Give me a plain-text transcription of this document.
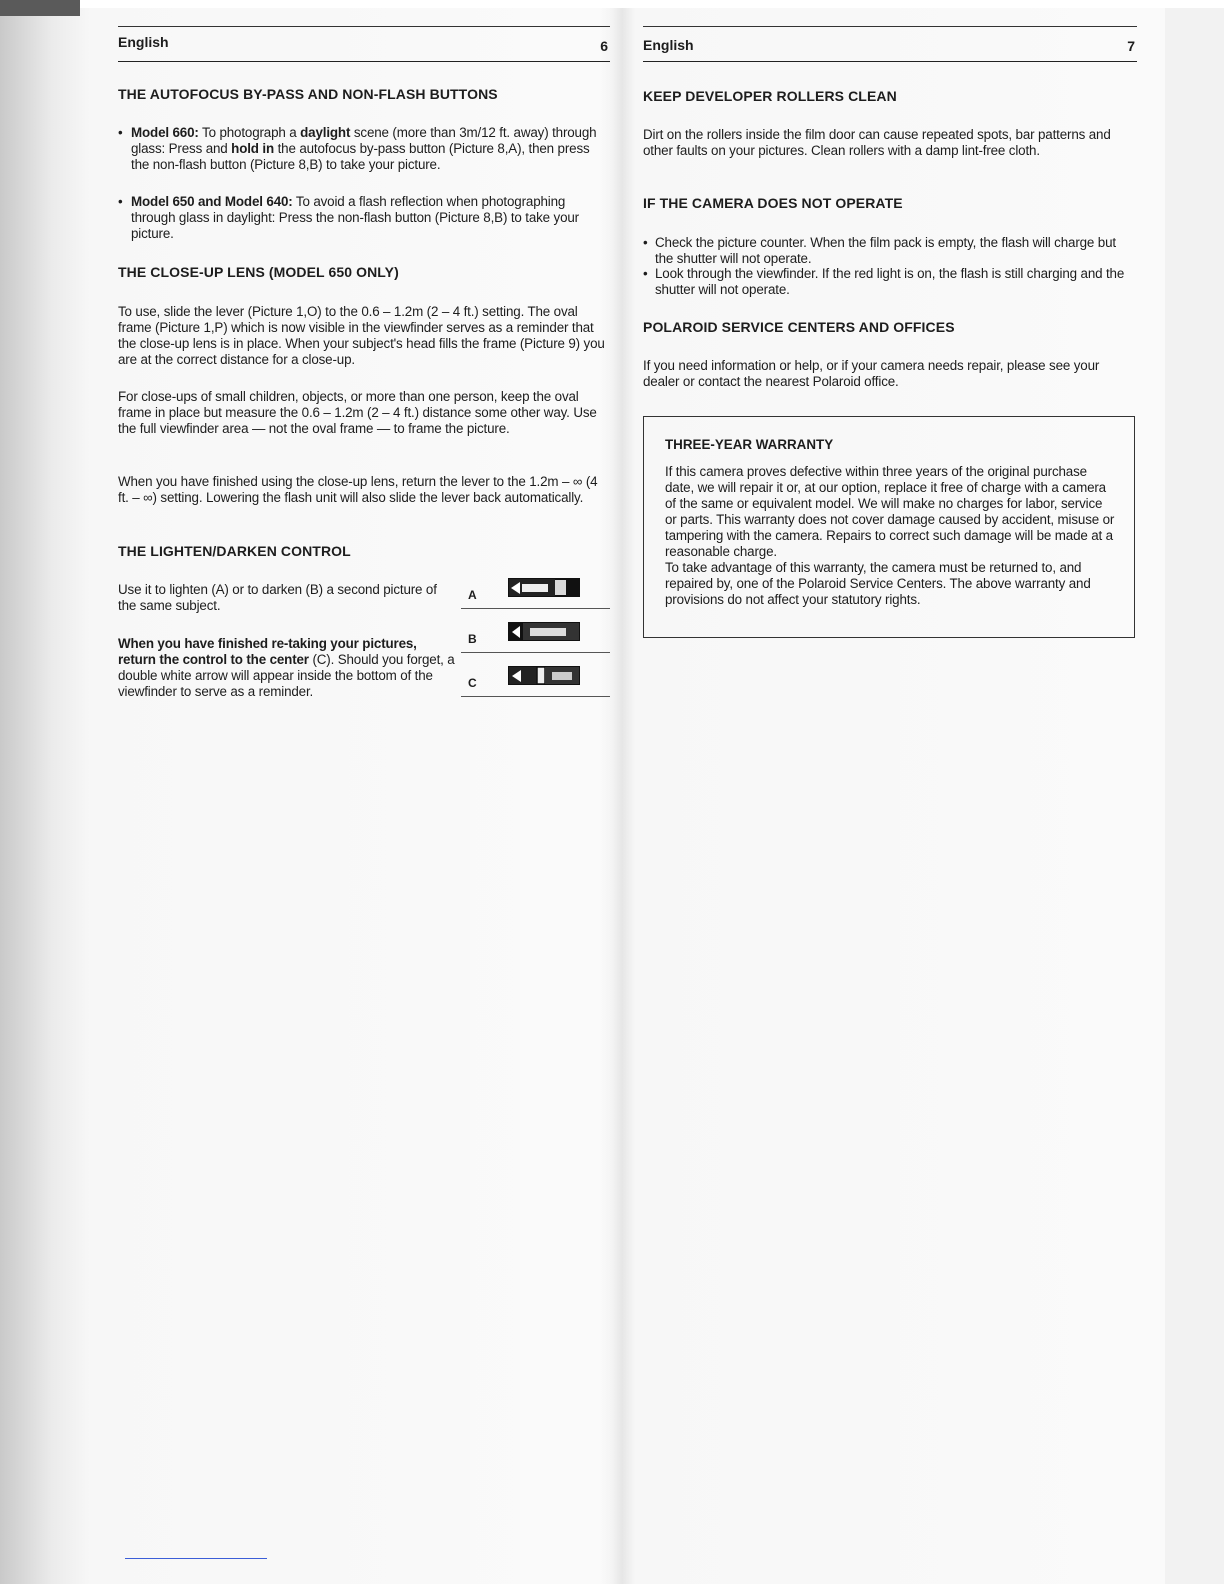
English	6
THE AUTOFOCUS BY-PASS AND NON-FLASH BUTTONS

• Model 660: To photograph a daylight scene (more than 3m/12 ft. away) through glass: Press and hold in the autofocus by-pass button (Picture 8,A), then press the non-flash button (Picture 8,B) to take your picture.

• Model 650 and Model 640: To avoid a flash reflection when photographing through glass in daylight: Press the non-flash button (Picture 8,B) to take your picture.

THE CLOSE-UP LENS (MODEL 650 ONLY)

To use, slide the lever (Picture 1,O) to the 0.6 – 1.2m (2 – 4 ft.) setting. The oval frame (Picture 1,P) which is now visible in the viewfinder serves as a reminder that the close-up lens is in place. When your subject's head fills the frame (Picture 9) you are at the correct distance for a close-up.

For close-ups of small children, objects, or more than one person, keep the oval frame in place but measure the 0.6 – 1.2m (2 – 4 ft.) distance some other way. Use the full viewfinder area — not the oval frame — to frame the picture.

When you have finished using the close-up lens, return the lever to the 1.2m – ∞ (4 ft. – ∞) setting. Lowering the flash unit will also slide the lever back automatically.

THE LIGHTEN/DARKEN CONTROL

Use it to lighten (A) or to darken (B) a second picture of the same subject.

When you have finished re-taking your pictures, return the control to the center (C). Should you forget, a double white arrow will appear inside the bottom of the viewfinder to serve as a reminder.

A
B
C
English	7
KEEP DEVELOPER ROLLERS CLEAN

Dirt on the rollers inside the film door can cause repeated spots, bar patterns and other faults on your pictures. Clean rollers with a damp lint-free cloth.

IF THE CAMERA DOES NOT OPERATE

• Check the picture counter. When the film pack is empty, the flash will charge but the shutter will not operate.

• Look through the viewfinder. If the red light is on, the flash is still charging and the shutter will not operate.

POLAROID SERVICE CENTERS AND OFFICES

If you need information or help, or if your camera needs repair, please see your dealer or contact the nearest Polaroid office.

THREE-YEAR WARRANTY

If this camera proves defective within three years of the original purchase date, we will repair it or, at our option, replace it free of charge with a camera of the same or equivalent model. We will make no charges for labor, service or parts. This warranty does not cover damage caused by accident, misuse or tampering with the camera. Repairs to correct such damage will be made at a reasonable charge.

To take advantage of this warranty, the camera must be returned to, and repaired by, one of the Polaroid Service Centers. The above warranty and provisions do not affect your statutory rights.
